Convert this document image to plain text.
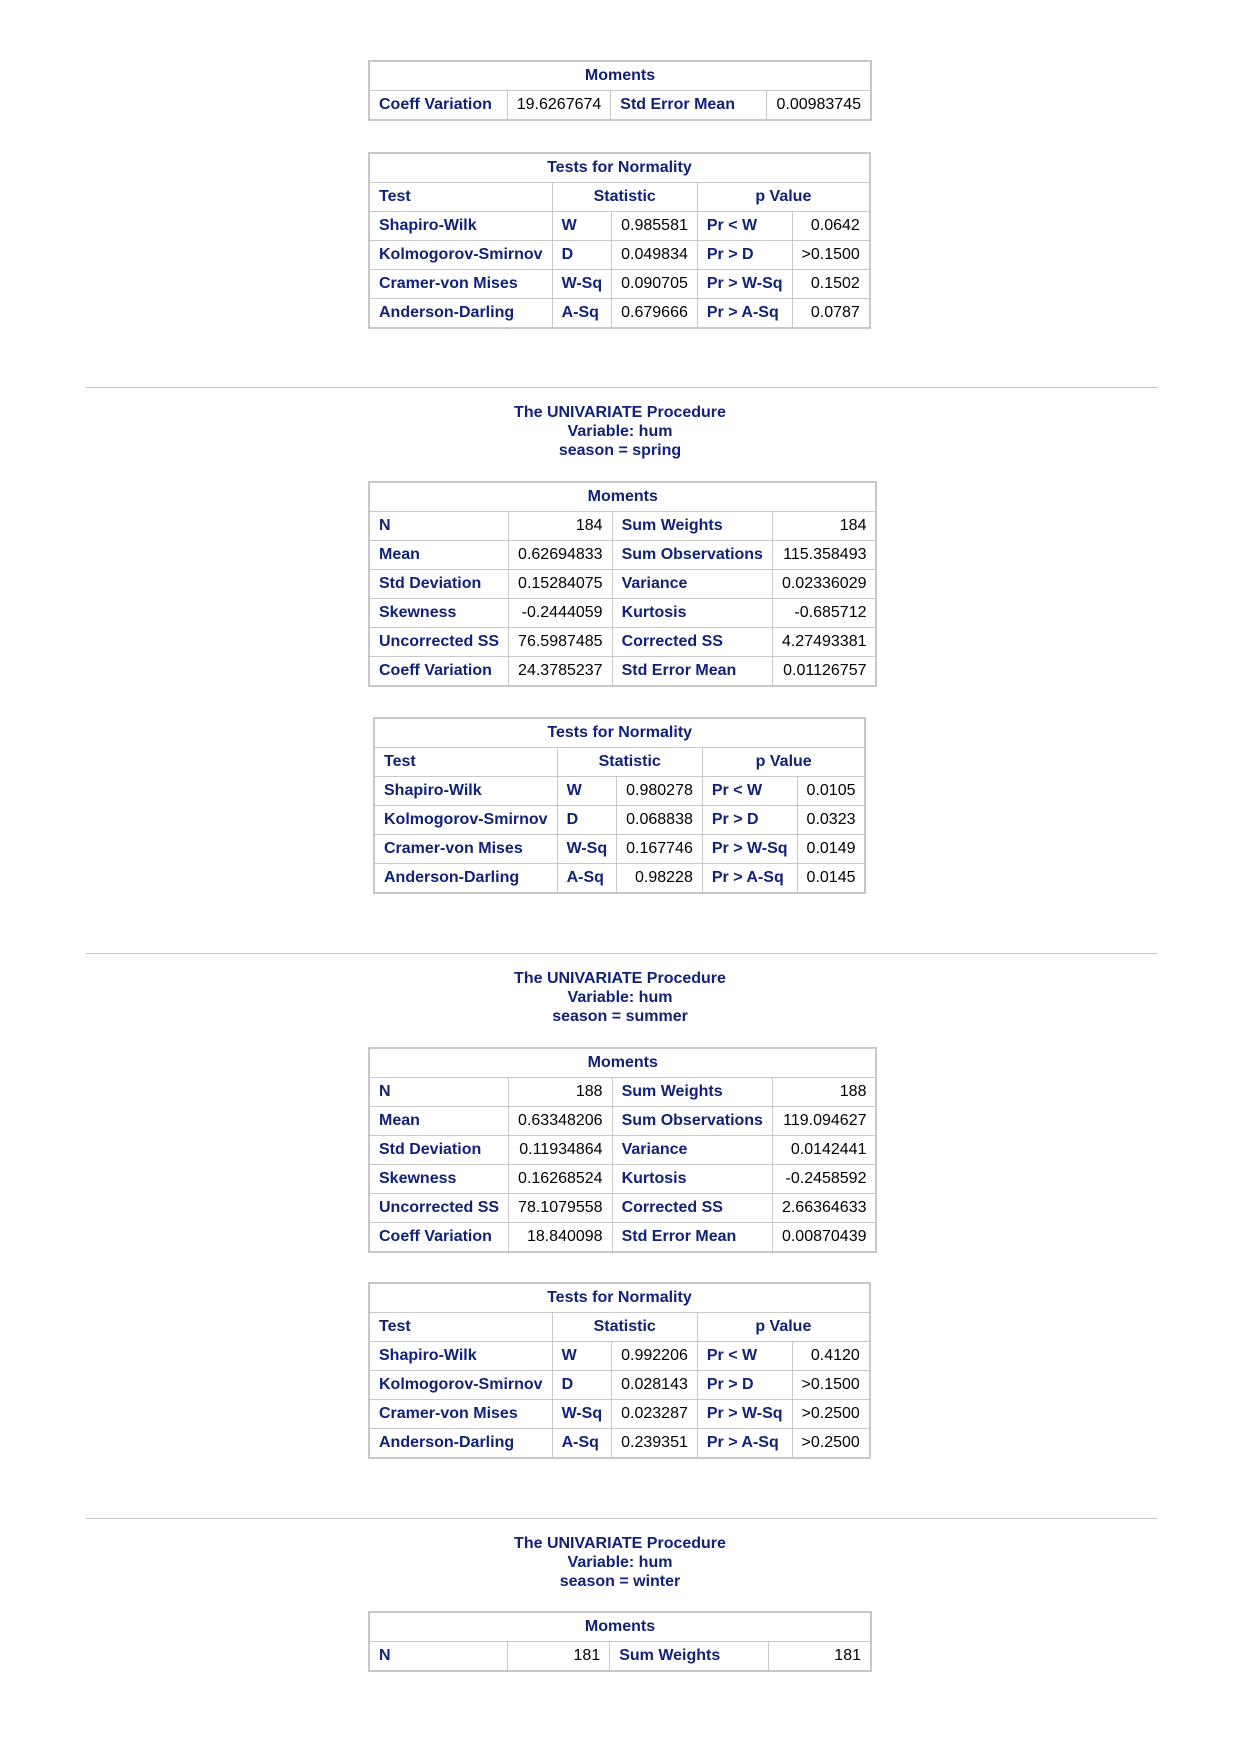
Moments
Coeff Variation	19.6267674	Std Error Mean	0.00983745
Tests for Normality				
Test	Statistic		p Value	
Shapiro-Wilk	W	0.985581	Pr < W	0.0642
Kolmogorov-Smirnov	D	0.049834	Pr > D	>0.1500
Cramer-von Mises	W-Sq	0.090705	Pr > W-Sq	0.1502
Anderson-Darling	A-Sq	0.679666	Pr > A-Sq	0.0787
The UNIVARIATE Procedure
Variable: hum
season = spring
Moments			
N	184	Sum Weights	184
Mean	0.62694833	Sum Observations	115.358493
Std Deviation	0.15284075	Variance	0.02336029
Skewness	-0.2444059	Kurtosis	-0.685712
Uncorrected SS	76.5987485	Corrected SS	4.27493381
Coeff Variation	24.3785237	Std Error Mean	0.01126757
Tests for Normality				
Test	Statistic		p Value	
Shapiro-Wilk	W	0.980278	Pr < W	0.0105
Kolmogorov-Smirnov	D	0.068838	Pr > D	0.0323
Cramer-von Mises	W-Sq	0.167746	Pr > W-Sq	0.0149
Anderson-Darling	A-Sq	0.98228	Pr > A-Sq	0.0145
The UNIVARIATE Procedure
Variable: hum
season = summer
Moments			
N	188	Sum Weights	188
Mean	0.63348206	Sum Observations	119.094627
Std Deviation	0.11934864	Variance	0.0142441
Skewness	0.16268524	Kurtosis	-0.2458592
Uncorrected SS	78.1079558	Corrected SS	2.66364633
Coeff Variation	18.840098	Std Error Mean	0.00870439
Tests for Normality				
Test	Statistic		p Value	
Shapiro-Wilk	W	0.992206	Pr < W	0.4120
Kolmogorov-Smirnov	D	0.028143	Pr > D	>0.1500
Cramer-von Mises	W-Sq	0.023287	Pr > W-Sq	>0.2500
Anderson-Darling	A-Sq	0.239351	Pr > A-Sq	>0.2500
The UNIVARIATE Procedure
Variable: hum
season = winter
Moments
N	181	Sum Weights	181
